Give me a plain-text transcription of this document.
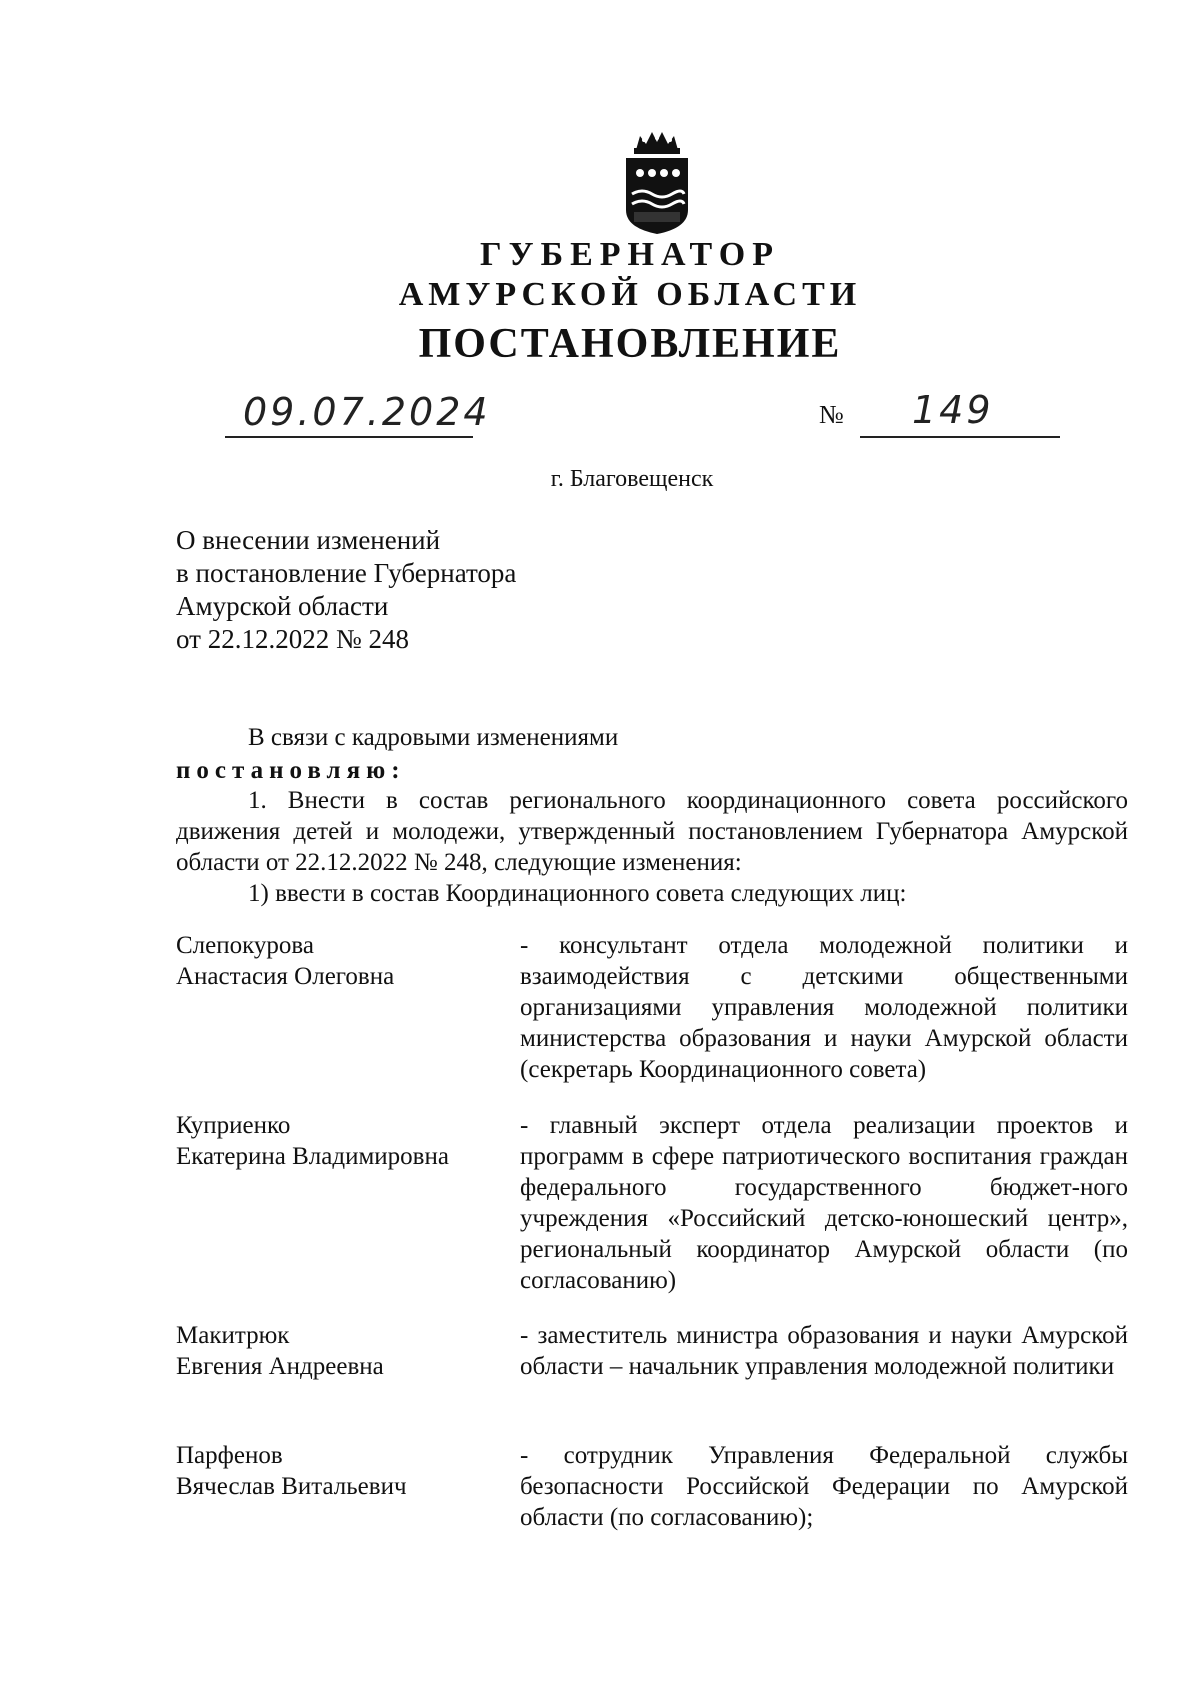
ГУБЕРНАТОР
АМУРСКОЙ ОБЛАСТИ
ПОСТАНОВЛЕНИЕ
09.07.2024	№ 149
г. Благовещенск
О внесении изменений
в постановление Губернатора
Амурской области
от 22.12.2022 № 248
В связи с кадровыми изменениями
постановляю:
1. Внести в состав регионального координационного совета российского движения детей и молодежи, утвержденный постановлением Губернатора Амурской области от 22.12.2022 № 248, следующие изменения:
1) ввести в состав Координационного совета следующих лиц:
Слепокурова
Анастасия Олеговна
- консультант отдела молодежной политики и взаимодействия с детскими общественными организациями управления молодежной политики министерства образования и науки Амурской области (секретарь Координационного совета)
Куприенко
Екатерина Владимировна
- главный эксперт отдела реализации проектов и программ в сфере патриотического воспитания граждан федерального государственного бюджет-ного учреждения «Российский детско-юношеский центр», региональный координатор Амурской области (по согласованию)
Макитрюк
Евгения Андреевна
- заместитель министра образования и науки Амурской области – начальник управления молодежной политики
Парфенов
Вячеслав Витальевич
- сотрудник Управления Федеральной службы безопасности Российской Федерации по Амурской области (по согласованию);
